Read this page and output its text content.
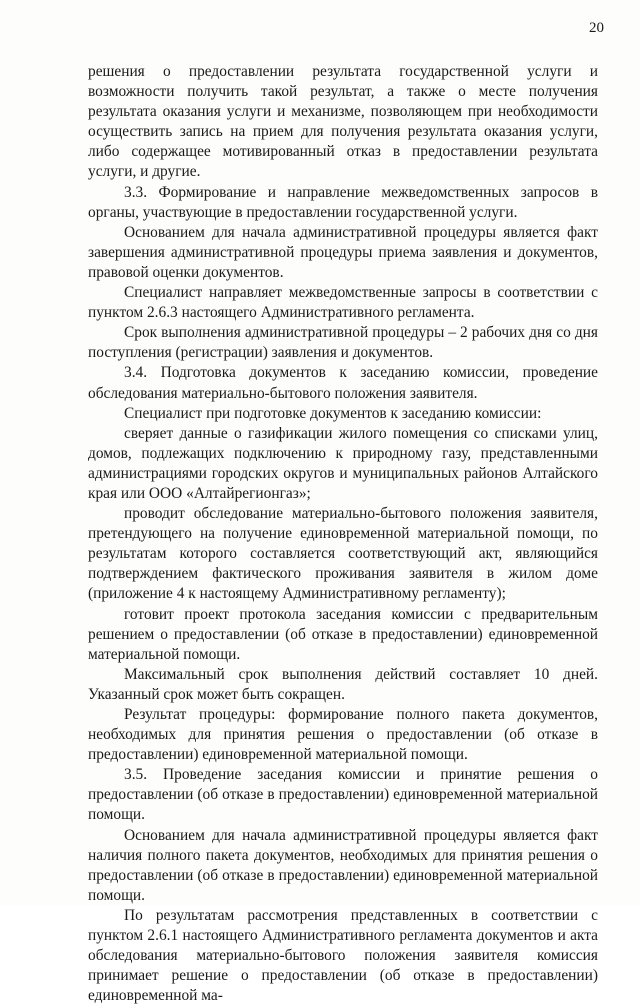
20

решения о предоставлении результата государственной услуги и возможности получить такой результат, а также о месте получения результата оказания услуги и механизме, позволяющем при необходимости осуществить запись на прием для получения результата оказания услуги, либо содержащее мотивированный отказ в предоставлении результата услуги, и другие.

3.3. Формирование и направление межведомственных запросов в органы, участвующие в предоставлении государственной услуги.

Основанием для начала административной процедуры является факт завершения административной процедуры приема заявления и документов, правовой оценки документов.

Специалист направляет межведомственные запросы в соответствии с пунктом 2.6.3 настоящего Административного регламента.

Срок выполнения административной процедуры – 2 рабочих дня со дня поступления (регистрации) заявления и документов.

3.4. Подготовка документов к заседанию комиссии, проведение обследования материально-бытового положения заявителя.

Специалист при подготовке документов к заседанию комиссии:

сверяет данные о газификации жилого помещения со списками улиц, домов, подлежащих подключению к природному газу, представленными администрациями городских округов и муниципальных районов Алтайского края или ООО «Алтайрегионгаз»;

проводит обследование материально-бытового положения заявителя, претендующего на получение единовременной материальной помощи, по результатам которого составляется соответствующий акт, являющийся подтверждением фактического проживания заявителя в жилом доме (приложение 4 к настоящему Административному регламенту);

готовит проект протокола заседания комиссии с предварительным решением о предоставлении (об отказе в предоставлении) единовременной материальной помощи.

Максимальный срок выполнения действий составляет 10 дней. Указанный срок может быть сокращен.

Результат процедуры: формирование полного пакета документов, необходимых для принятия решения о предоставлении (об отказе в предоставлении) единовременной материальной помощи.

3.5. Проведение заседания комиссии и принятие решения о предоставлении (об отказе в предоставлении) единовременной материальной помощи.

Основанием для начала административной процедуры является факт наличия полного пакета документов, необходимых для принятия решения о предоставлении (об отказе в предоставлении) единовременной материальной помощи.

По результатам рассмотрения представленных в соответствии с пунктом 2.6.1 настоящего Административного регламента документов и акта обследования материально-бытового положения заявителя комиссия принимает решение о предоставлении (об отказе в предоставлении) единовременной ма-
